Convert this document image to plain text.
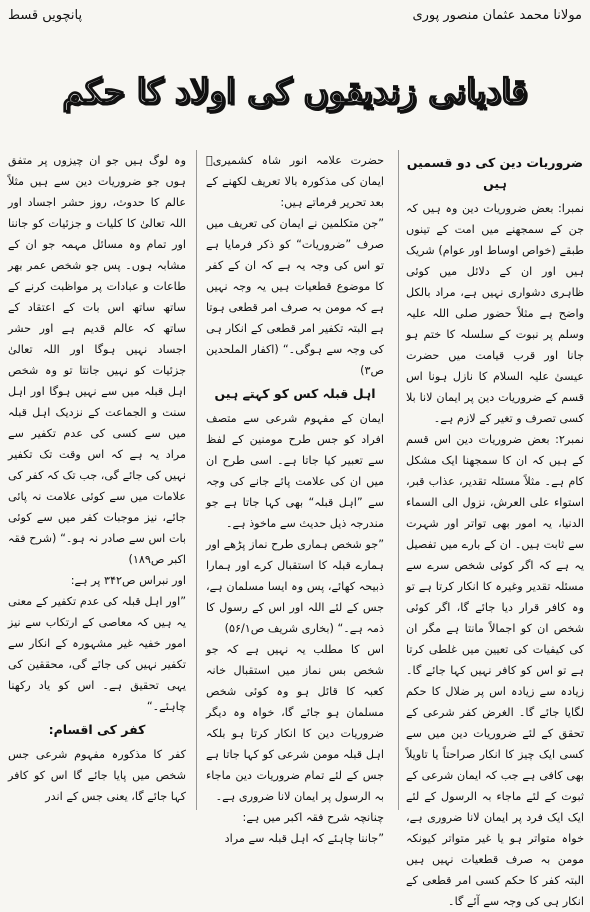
مولانا محمد عثمان منصور پوری
پانچویں قسط
قادیانی زندیقوں کی اولاد کا حکم

ضروریات دین کی دو قسمیں ہیں

نمبرا: بعض ضروریات دین وہ ہیں کہ جن کے سمجھنے میں امت کے تینوں طبقے (خواص اوساط اور عوام) شریک ہیں اور ان کے دلائل میں کوئی ظاہری دشواری نہیں ہے، مراد بالکل واضح ہے مثلاً حضور صلی اللہ علیہ وسلم پر نبوت کے سلسلہ کا ختم ہو جانا اور قرب قیامت میں حضرت عیسیٰ علیہ السلام کا نازل ہونا اس قسم کے ضروریات دین پر ایمان لانا بلا کسی تصرف و تغیر کے لازم ہے۔

نمبر۲: بعض ضروریات دین اس قسم کے ہیں کہ ان کا سمجھنا ایک مشکل کام ہے۔ مثلاً مسئلہ تقدیر، عذاب قبر، استواء علی العرش، نزول الی السماء الدنیا، یہ امور بھی تواتر اور شہرت سے ثابت ہیں۔ ان کے بارے میں تفصیل یہ ہے کہ اگر کوئی شخص سرے سے مسئلہ تقدیر وغیرہ کا انکار کرتا ہے تو وہ کافر قرار دیا جائے گا، اگر کوئی شخص ان کو اجمالاً مانتا ہے مگر ان کی کیفیات کی تعیین میں غلطی کرتا ہے تو اس کو کافر نہیں کہا جائے گا۔ زیادہ سے زیادہ اس پر ضلال کا حکم لگایا جائے گا۔ الغرض کفر شرعی کے تحقق کے لئے ضروریات دین میں سے کسی ایک چیز کا انکار صراحتاً یا تاویلاً بھی کافی ہے جب کہ ایمان شرعی کے ثبوت کے لئے ماجاء بہ الرسول کے لئے ایک ایک فرد پر ایمان لانا ضروری ہے، خواہ متواتر ہو یا غیر متواتر کیونکہ مومن بہ صرف قطعیات نہیں ہیں البتہ کفر کا حکم کسی امر قطعی کے انکار ہی کی وجہ سے آئے گا۔

حضرت علامہ انور شاہ کشمیریؒ ایمان کی مذکورہ بالا تعریف لکھنے کے بعد تحریر فرماتے ہیں:

”جن متکلمین نے ایمان کی تعریف میں صرف ”ضروریات“ کو ذکر فرمایا ہے تو اس کی وجہ یہ ہے کہ ان کے کفر کا موضوع قطعیات ہیں یہ وجہ نہیں ہے کہ مومن بہ صرف امر قطعی ہوتا ہے البتہ تکفیر امر قطعی کے انکار ہی کی وجہ سے ہوگی۔“ (اکفار الملحدین ص۳)

اہل قبلہ کس کو کہتے ہیں

ایمان کے مفہوم شرعی سے متصف افراد کو جس طرح مومنین کے لفظ سے تعبیر کیا جاتا ہے۔ اسی طرح ان میں ان کی علامت پائے جانے کی وجہ سے ”اہل قبلہ“ بھی کہا جاتا ہے جو مندرجہ ذیل حدیث سے ماخوذ ہے۔

”جو شخص ہماری طرح نماز پڑھے اور ہمارے قبلہ کا استقبال کرے اور ہمارا ذبیحہ کھائے، پس وہ ایسا مسلمان ہے، جس کے لئے اللہ اور اس کے رسول کا ذمہ ہے۔“ (بخاری شریف ص۵۶/۱)

اس کا مطلب یہ نہیں ہے کہ جو شخص بس نماز میں استقبال خانہ کعبہ کا قائل ہو وہ کوئی شخص مسلمان ہو جائے گا، خواہ وہ دیگر ضروریات دین کا انکار کرتا ہو بلکہ اہل قبلہ مومن شرعی کو کہا جاتا ہے جس کے لئے تمام ضروریات دین ماجاء بہ الرسول پر ایمان لانا ضروری ہے۔

چنانچہ شرح فقہ اکبر میں ہے:

”جاننا چاہئے کہ اہل قبلہ سے مراد

وہ لوگ ہیں جو ان چیزوں پر متفق ہوں جو ضروریات دین سے ہیں مثلاً عالم کا حدوث، روز حشر اجساد اور اللہ تعالیٰ کا کلیات و جزئیات کو جاننا اور تمام وہ مسائل مہمہ جو ان کے مشابہ ہوں۔ پس جو شخص عمر بھر طاعات و عبادات پر مواظبت کرنے کے ساتھ ساتھ اس بات کے اعتقاد کے ساتھ کہ عالم قدیم ہے اور حشر اجساد نہیں ہوگا اور اللہ تعالیٰ جزئیات کو نہیں جانتا تو وہ شخص اہل قبلہ میں سے نہیں ہوگا اور اہل سنت و الجماعت کے نزدیک اہل قبلہ میں سے کسی کی عدم تکفیر سے مراد یہ ہے کہ اس وقت تک تکفیر نہیں کی جائے گی، جب تک کہ کفر کی علامات میں سے کوئی علامت نہ پائی جائے، نیز موجبات کفر میں سے کوئی بات اس سے صادر نہ ہو۔“ (شرح فقہ اکبر ص۱۸۹)

اور نبراس ص۳۴۲ پر ہے:

”اور اہل قبلہ کی عدم تکفیر کے معنی یہ ہیں کہ معاصی کے ارتکاب سے نیز امور خفیہ غیر مشہورہ کے انکار سے تکفیر نہیں کی جائے گی، محققین کی یہی تحقیق ہے۔ اس کو یاد رکھنا چاہئے۔“

کفر کی اقسام:

کفر کا مذکورہ مفہوم شرعی جس شخص میں پایا جائے گا اس کو کافر کہا جائے گا، یعنی جس کے اندر
